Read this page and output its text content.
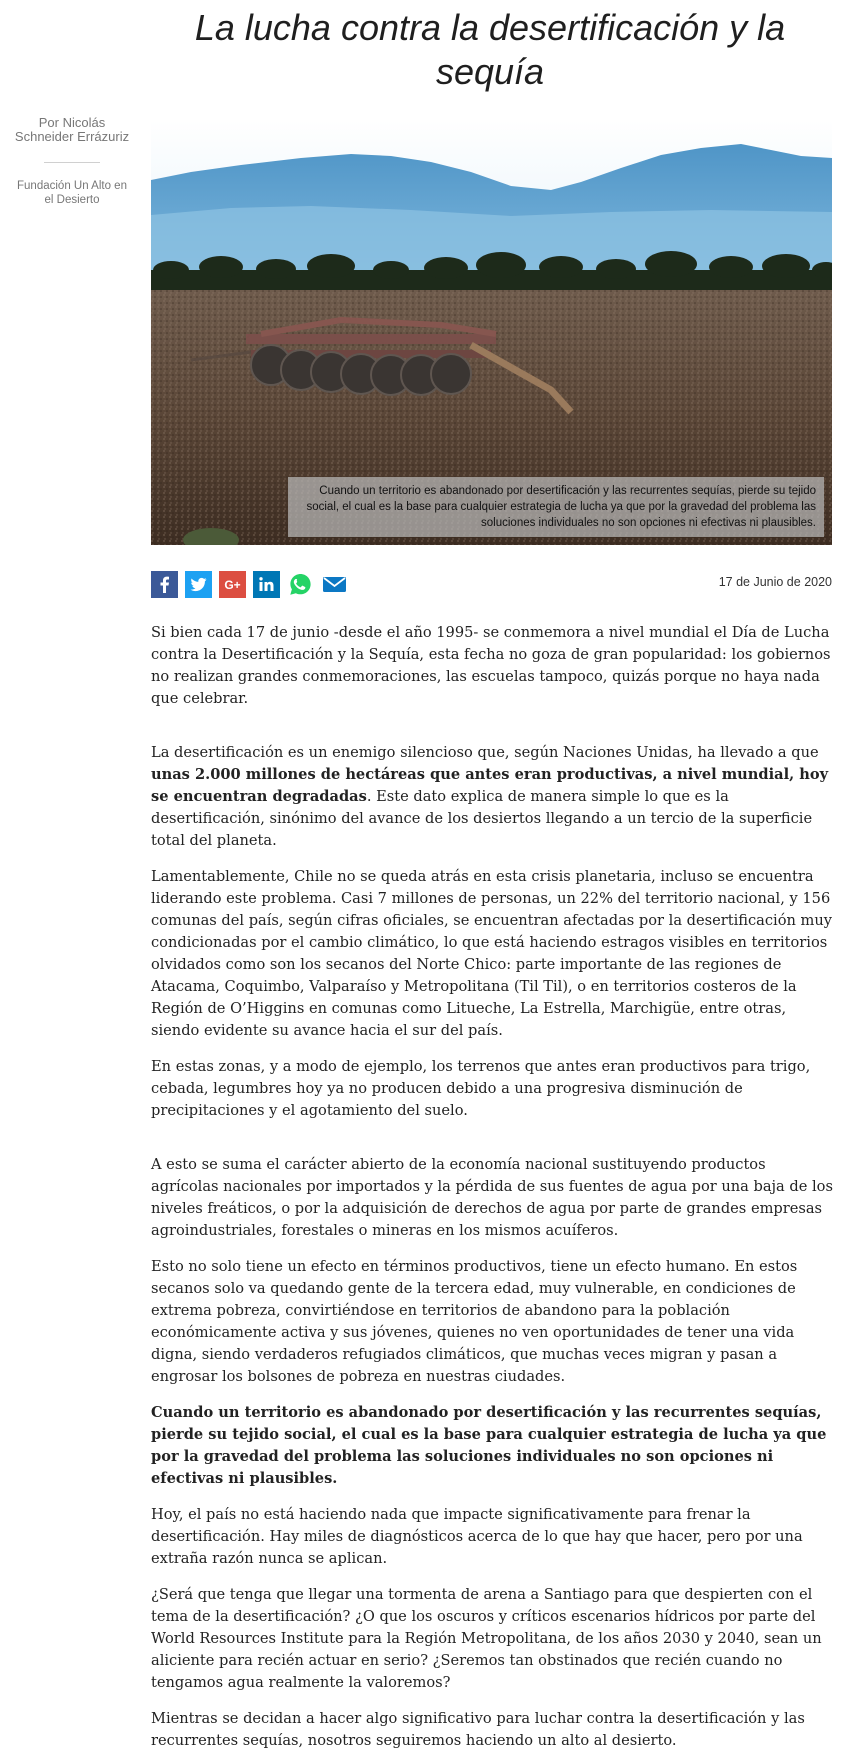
La lucha contra la desertificación y la sequía
Por Nicolás Schneider Errázuriz
Fundación Un Alto en el Desierto
Cuando un territorio es abandonado por desertificación y las recurrentes sequías, pierde su tejido social, el cual es la base para cualquier estrategia de lucha ya que por la gravedad del problema las soluciones individuales no son opciones ni efectivas ni plausibles.
G+	17 de Junio de 2020

Si bien cada 17 de junio -desde el año 1995- se conmemora a nivel mundial el Día de Lucha contra la Desertificación y la Sequía, esta fecha no goza de gran popularidad: los gobiernos no realizan grandes conmemoraciones, las escuelas tampoco, quizás porque no haya nada que celebrar.

La desertificación es un enemigo silencioso que, según Naciones Unidas, ha llevado a que unas 2.000 millones de hectáreas que antes eran productivas, a nivel mundial, hoy se encuentran degradadas. Este dato explica de manera simple lo que es la desertificación, sinónimo del avance de los desiertos llegando a un tercio de la superficie total del planeta.

Lamentablemente, Chile no se queda atrás en esta crisis planetaria, incluso se encuentra liderando este problema. Casi 7 millones de personas, un 22% del territorio nacional, y 156 comunas del país, según cifras oficiales, se encuentran afectadas por la desertificación muy condicionadas por el cambio climático, lo que está haciendo estragos visibles en territorios olvidados como son los secanos del Norte Chico: parte importante de las regiones de Atacama, Coquimbo, Valparaíso y Metropolitana (Til Til), o en territorios costeros de la Región de O’Higgins en comunas como Litueche, La Estrella, Marchigüe, entre otras, siendo evidente su avance hacia el sur del país.

En estas zonas, y a modo de ejemplo, los terrenos que antes eran productivos para trigo, cebada, legumbres hoy ya no producen debido a una progresiva disminución de precipitaciones y el agotamiento del suelo.

A esto se suma el carácter abierto de la economía nacional sustituyendo productos agrícolas nacionales por importados y la pérdida de sus fuentes de agua por una baja de los niveles freáticos, o por la adquisición de derechos de agua por parte de grandes empresas agroindustriales, forestales o mineras en los mismos acuíferos.

Esto no solo tiene un efecto en términos productivos, tiene un efecto humano. En estos secanos solo va quedando gente de la tercera edad, muy vulnerable, en condiciones de extrema pobreza, convirtiéndose en territorios de abandono para la población económicamente activa y sus jóvenes, quienes no ven oportunidades de tener una vida digna, siendo verdaderos refugiados climáticos, que muchas veces migran y pasan a engrosar los bolsones de pobreza en nuestras ciudades.

Cuando un territorio es abandonado por desertificación y las recurrentes sequías, pierde su tejido social, el cual es la base para cualquier estrategia de lucha ya que por la gravedad del problema las soluciones individuales no son opciones ni efectivas ni plausibles.

Hoy, el país no está haciendo nada que impacte significativamente para frenar la desertificación. Hay miles de diagnósticos acerca de lo que hay que hacer, pero por una extraña razón nunca se aplican.

¿Será que tenga que llegar una tormenta de arena a Santiago para que despierten con el tema de la desertificación? ¿O que los oscuros y críticos escenarios hídricos por parte del World Resources Institute para la Región Metropolitana, de los años 2030 y 2040, sean un aliciente para recién actuar en serio? ¿Seremos tan obstinados que recién cuando no tengamos agua realmente la valoremos?

Mientras se decidan a hacer algo significativo para luchar contra la desertificación y las recurrentes sequías, nosotros seguiremos haciendo un alto al desierto.
